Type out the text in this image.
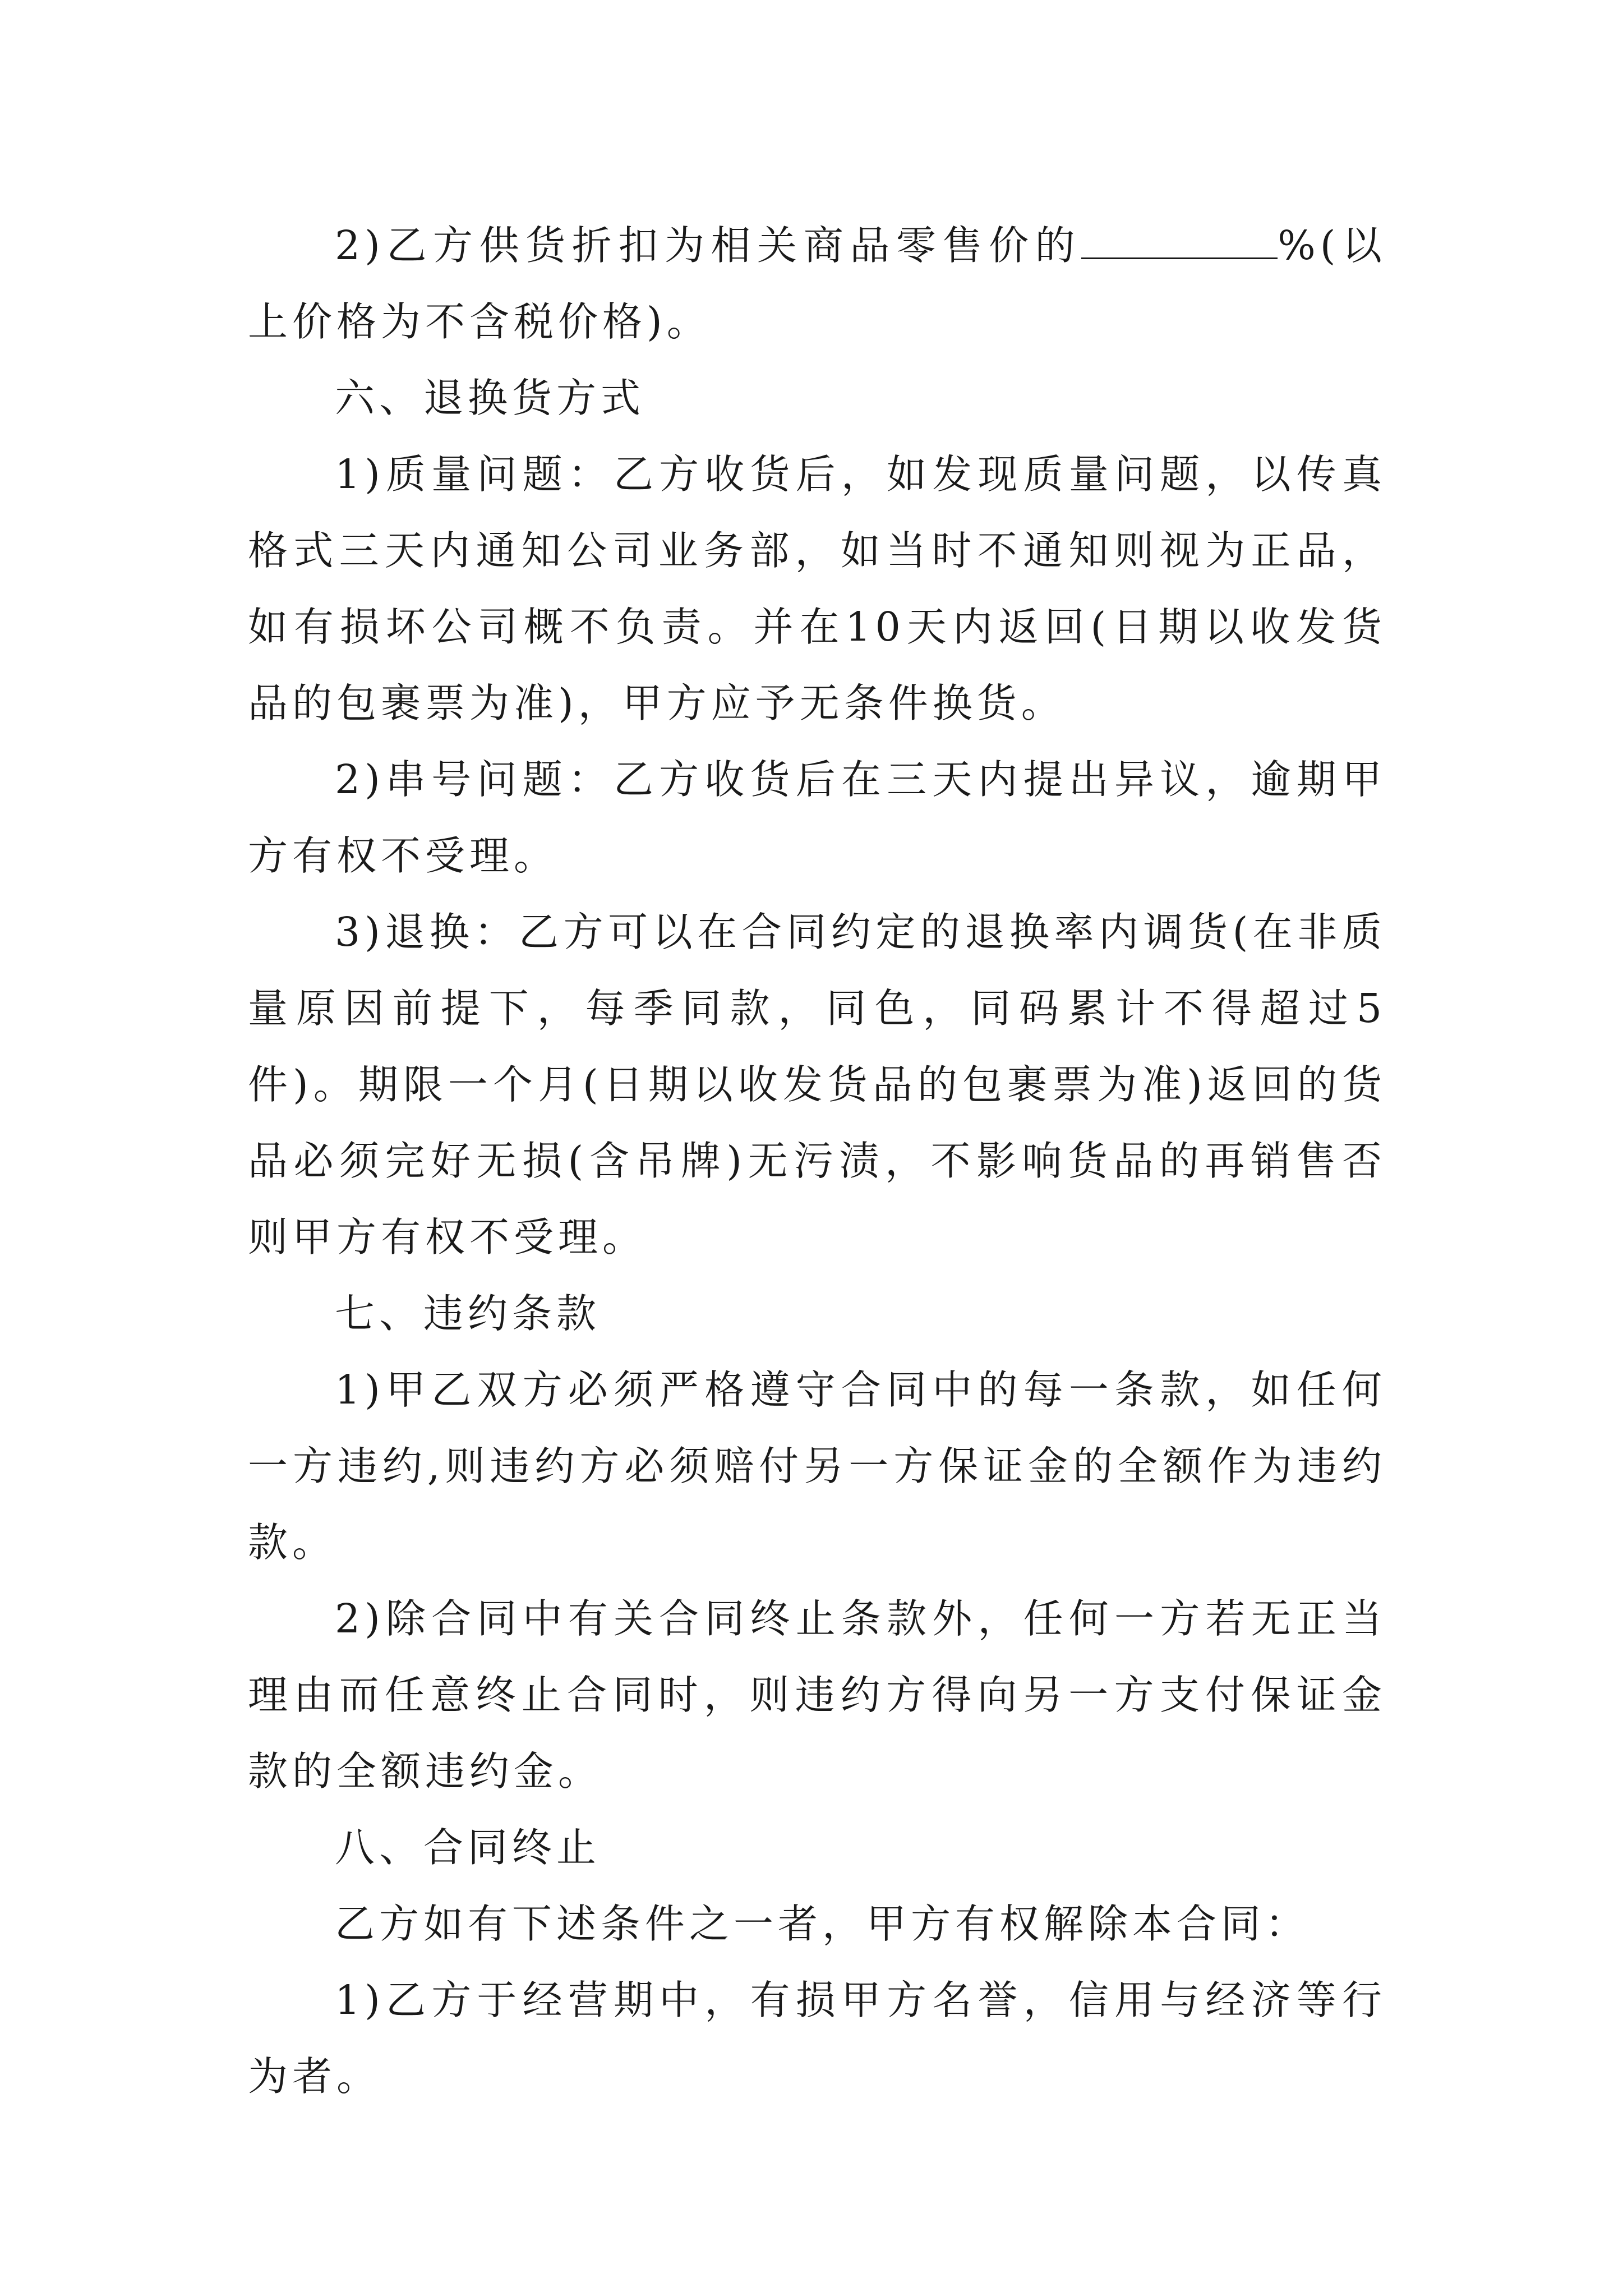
2)乙方供货折扣为相关商品零售价的	%(以上价格为不含税价格)。

六、退换货方式

1)质量问题：乙方收货后，如发现质量问题，以传真格式三天内通知公司业务部，如当时不通知则视为正品，如有损坏公司概不负责。并在10天内返回(日期以收发货品的包裹票为准)，甲方应予无条件换货。

2)串号问题：乙方收货后在三天内提出异议，逾期甲方有权不受理。

3)退换：乙方可以在合同约定的退换率内调货(在非质量原因前提下，每季同款，同色，同码累计不得超过5件)。期限一个月(日期以收发货品的包裹票为准)返回的货品必须完好无损(含吊牌)无污渍，不影响货品的再销售否则甲方有权不受理。

七、违约条款

1)甲乙双方必须严格遵守合同中的每一条款，如任何一方违约,则违约方必须赔付另一方保证金的全额作为违约款。

2)除合同中有关合同终止条款外，任何一方若无正当理由而任意终止合同时，则违约方得向另一方支付保证金款的全额违约金。

八、合同终止

乙方如有下述条件之一者，甲方有权解除本合同：

1)乙方于经营期中，有损甲方名誉，信用与经济等行为者。
